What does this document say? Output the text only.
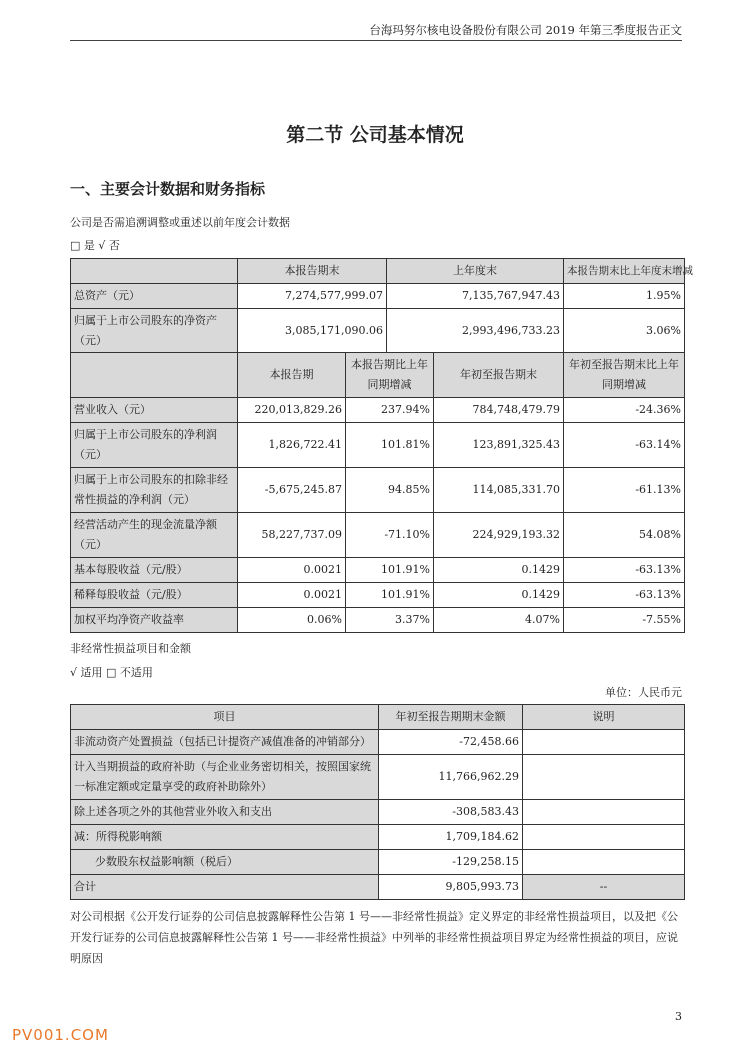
台海玛努尔核电设备股份有限公司 2019 年第三季度报告正文
第二节 公司基本情况
一、主要会计数据和财务指标
公司是否需追溯调整或重述以前年度会计数据
□ 是 √ 否
	本报告期末	上年度末	本报告期末比上年度末增减
总资产（元）	7,274,577,999.07	7,135,767,947.43	1.95%
归属于上市公司股东的净资产（元）	3,085,171,090.06	2,993,496,733.23	3.06%
	本报告期	本报告期比上年同期增减	年初至报告期末	年初至报告期末比上年同期增减
营业收入（元）	220,013,829.26	237.94%	784,748,479.79	-24.36%
归属于上市公司股东的净利润（元）	1,826,722.41	101.81%	123,891,325.43	-63.14%
归属于上市公司股东的扣除非经常性损益的净利润（元）	-5,675,245.87	94.85%	114,085,331.70	-61.13%
经营活动产生的现金流量净额（元）	58,227,737.09	-71.10%	224,929,193.32	54.08%
基本每股收益（元/股）	0.0021	101.91%	0.1429	-63.13%
稀释每股收益（元/股）	0.0021	101.91%	0.1429	-63.13%
加权平均净资产收益率	0.06%	3.37%	4.07%	-7.55%
非经常性损益项目和金额
√ 适用 □ 不适用
单位：人民币元
项目	年初至报告期期末金额	说明
非流动资产处置损益（包括已计提资产减值准备的冲销部分）	-72,458.66	
计入当期损益的政府补助（与企业业务密切相关，按照国家统一标准定额或定量享受的政府补助除外）	11,766,962.29	
除上述各项之外的其他营业外收入和支出	-308,583.43	
减：所得税影响额	1,709,184.62	
少数股东权益影响额（税后）	-129,258.15	
合计	9,805,993.73	--
对公司根据《公开发行证券的公司信息披露解释性公告第 1 号——非经常性损益》定义界定的非经常性损益项目，以及把《公开发行证券的公司信息披露解释性公告第 1 号——非经常性损益》中列举的非经常性损益项目界定为经常性损益的项目，应说明原因
3
PV001.COM
